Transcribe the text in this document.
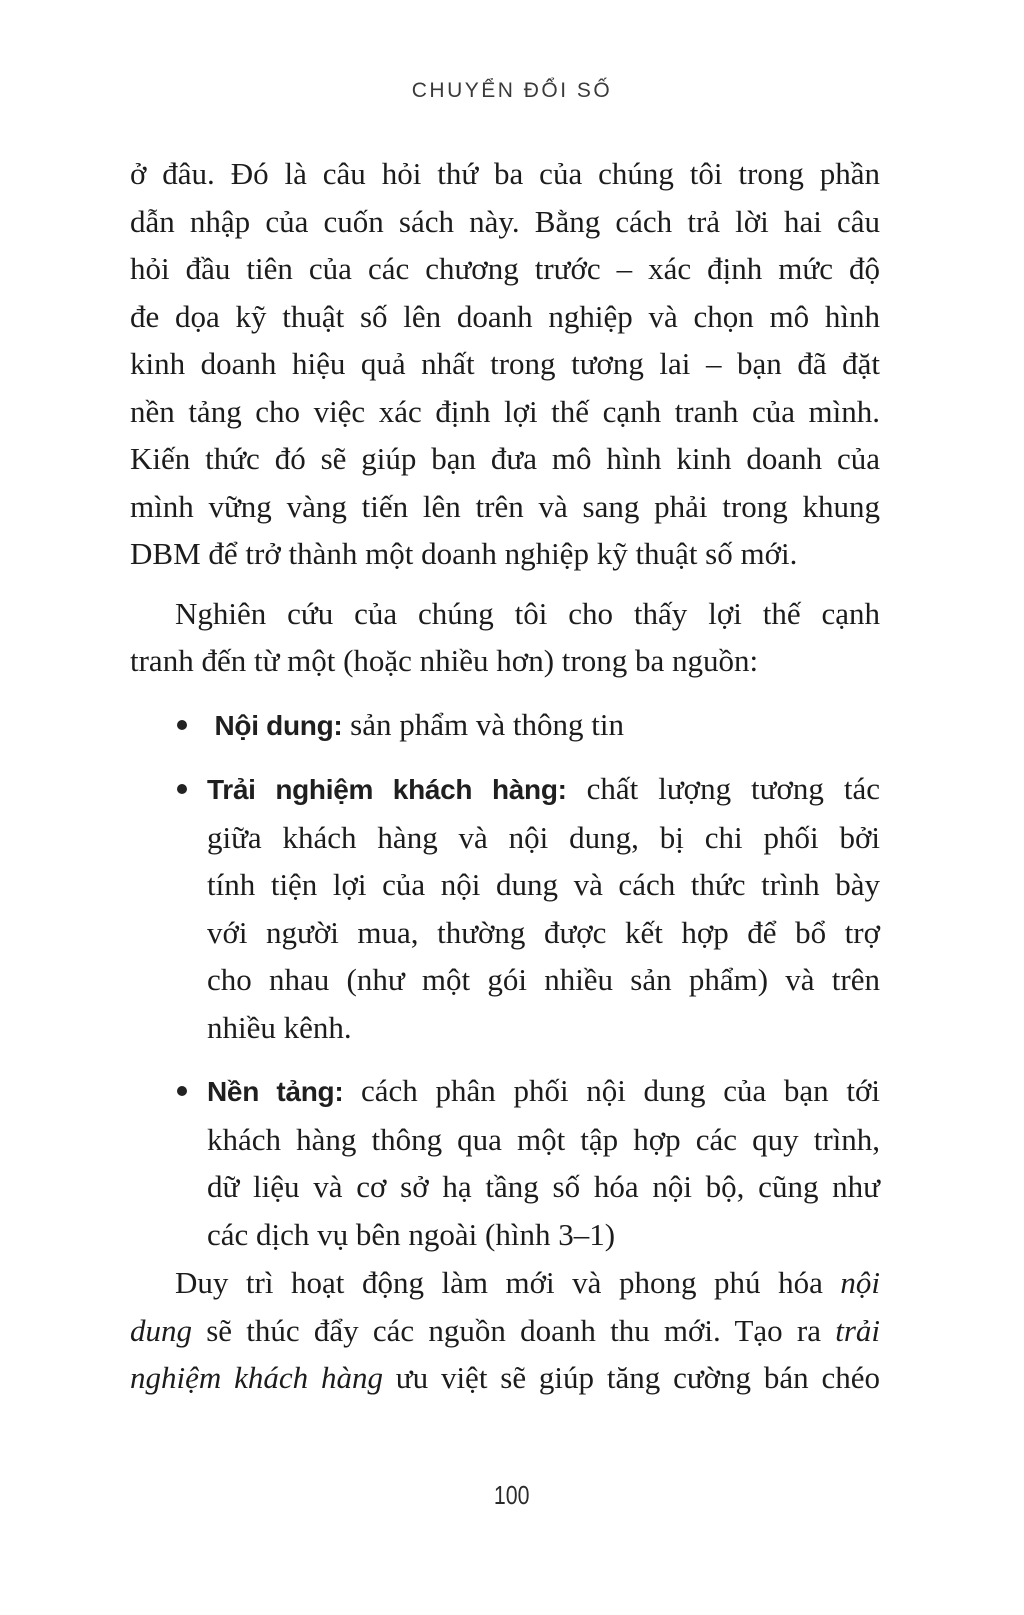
CHUYỂN ĐỔI SỐ
ở đâu. Đó là câu hỏi thứ ba của chúng tôi trong phần
dẫn nhập của cuốn sách này. Bằng cách trả lời hai câu
hỏi đầu tiên của các chương trước – xác định mức độ
đe dọa kỹ thuật số lên doanh nghiệp và chọn mô hình
kinh doanh hiệu quả nhất trong tương lai – bạn đã đặt
nền tảng cho việc xác định lợi thế cạnh tranh của mình.
Kiến thức đó sẽ giúp bạn đưa mô hình kinh doanh của
mình vững vàng tiến lên trên và sang phải trong khung
DBM để trở thành một doanh nghiệp kỹ thuật số mới.
Nghiên cứu của chúng tôi cho thấy lợi thế cạnh
tranh đến từ một (hoặc nhiều hơn) trong ba nguồn:
Nội dung: sản phẩm và thông tin
Trải nghiệm khách hàng: chất lượng tương tác
giữa khách hàng và nội dung, bị chi phối bởi
tính tiện lợi của nội dung và cách thức trình bày
với người mua, thường được kết hợp để bổ trợ
cho nhau (như một gói nhiều sản phẩm) và trên
nhiều kênh.
Nền tảng: cách phân phối nội dung của bạn tới
khách hàng thông qua một tập hợp các quy trình,
dữ liệu và cơ sở hạ tầng số hóa nội bộ, cũng như
các dịch vụ bên ngoài (hình 3–1)
Duy trì hoạt động làm mới và phong phú hóa nội
dung sẽ thúc đẩy các nguồn doanh thu mới. Tạo ra trải
nghiệm khách hàng ưu việt sẽ giúp tăng cường bán chéo
100
